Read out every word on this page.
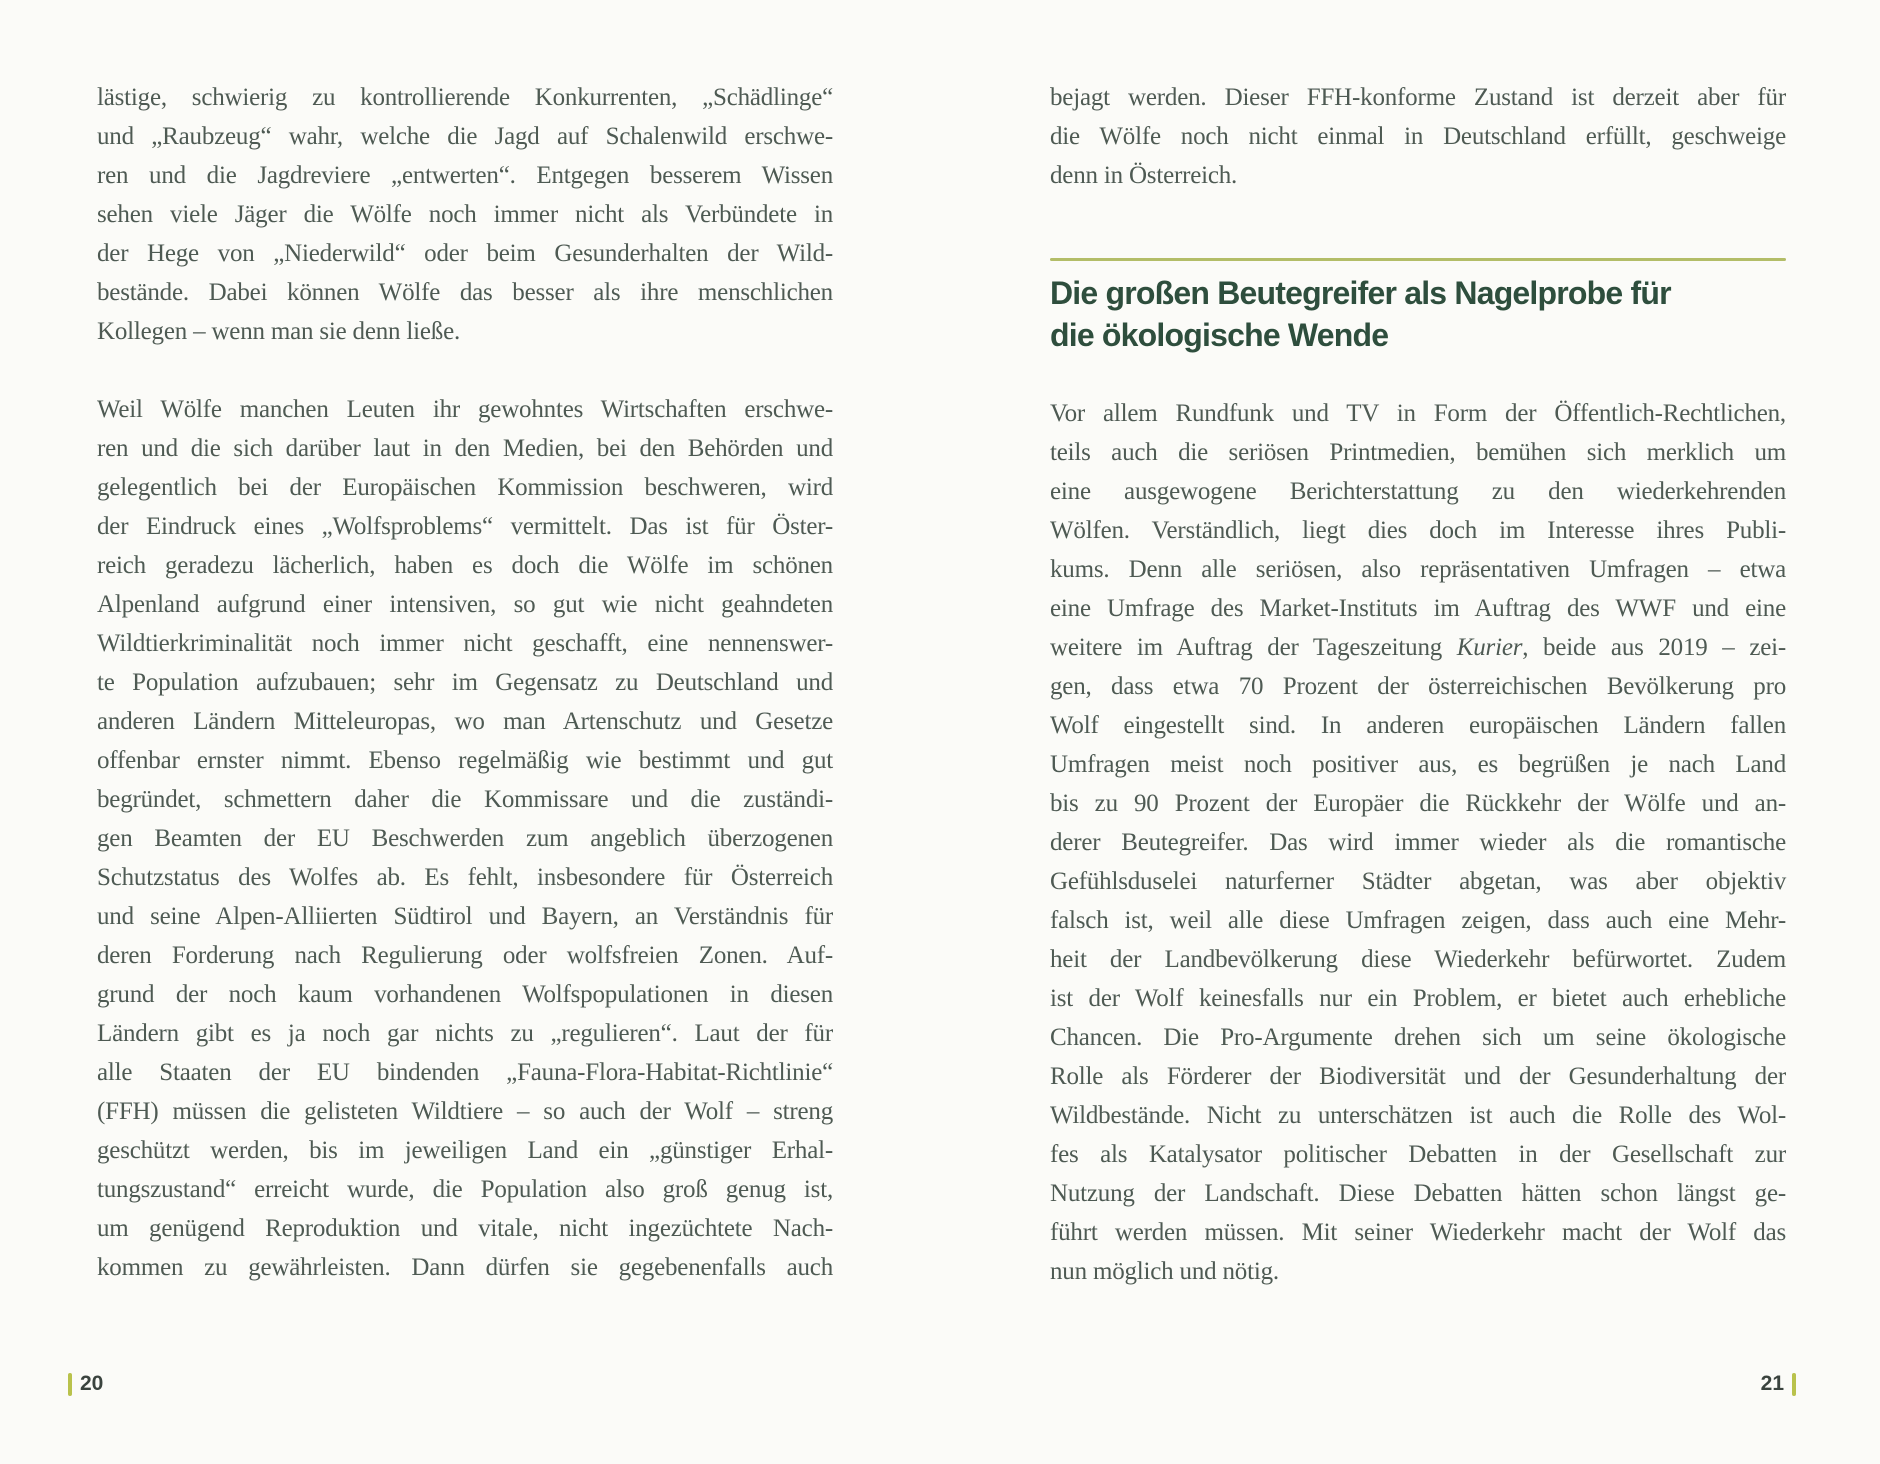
lästige, schwierig zu kontrollierende Konkurrenten, „Schädlinge“
und „Raubzeug“ wahr, welche die Jagd auf Schalenwild erschwe-
ren und die Jagdreviere „entwerten“. Entgegen besserem Wissen
sehen viele Jäger die Wölfe noch immer nicht als Verbündete in
der Hege von „Niederwild“ oder beim Gesunderhalten der Wild-
bestände. Dabei können Wölfe das besser als ihre menschlichen
Kollegen – wenn man sie denn ließe.
Weil Wölfe manchen Leuten ihr gewohntes Wirtschaften erschwe-
ren und die sich darüber laut in den Medien, bei den Behörden und
gelegentlich bei der Europäischen Kommission beschweren, wird
der Eindruck eines „Wolfsproblems“ vermittelt. Das ist für Öster-
reich geradezu lächerlich, haben es doch die Wölfe im schönen
Alpenland aufgrund einer intensiven, so gut wie nicht geahndeten
Wildtierkriminalität noch immer nicht geschafft, eine nennenswer-
te Population aufzubauen; sehr im Gegensatz zu Deutschland und
anderen Ländern Mitteleuropas, wo man Artenschutz und Gesetze
offenbar ernster nimmt. Ebenso regelmäßig wie bestimmt und gut
begründet, schmettern daher die Kommissare und die zuständi-
gen Beamten der EU Beschwerden zum angeblich überzogenen
Schutzstatus des Wolfes ab. Es fehlt, insbesondere für Österreich
und seine Alpen-Alliierten Südtirol und Bayern, an Verständnis für
deren Forderung nach Regulierung oder wolfsfreien Zonen. Auf-
grund der noch kaum vorhandenen Wolfspopulationen in diesen
Ländern gibt es ja noch gar nichts zu „regulieren“. Laut der für
alle Staaten der EU bindenden „Fauna-Flora-Habitat-Richtlinie“
(FFH) müssen die gelisteten Wildtiere – so auch der Wolf – streng
geschützt werden, bis im jeweiligen Land ein „günstiger Erhal-
tungszustand“ erreicht wurde, die Population also groß genug ist,
um genügend Reproduktion und vitale, nicht ingezüchtete Nach-
kommen zu gewährleisten. Dann dürfen sie gegebenenfalls auch
20
bejagt werden. Dieser FFH-konforme Zustand ist derzeit aber für
die Wölfe noch nicht einmal in Deutschland erfüllt, geschweige
denn in Österreich.
Die großen Beutegreifer als Nagelprobe für
die ökologische Wende
Vor allem Rundfunk und TV in Form der Öffentlich-Rechtlichen,
teils auch die seriösen Printmedien, bemühen sich merklich um
eine ausgewogene Berichterstattung zu den wiederkehrenden
Wölfen. Verständlich, liegt dies doch im Interesse ihres Publi-
kums. Denn alle seriösen, also repräsentativen Umfragen – etwa
eine Umfrage des Market-Instituts im Auftrag des WWF und eine
weitere im Auftrag der Tageszeitung Kurier, beide aus 2019 – zei-
gen, dass etwa 70 Prozent der österreichischen Bevölkerung pro
Wolf eingestellt sind. In anderen europäischen Ländern fallen
Umfragen meist noch positiver aus, es begrüßen je nach Land
bis zu 90 Prozent der Europäer die Rückkehr der Wölfe und an-
derer Beutegreifer. Das wird immer wieder als die romantische
Gefühlsduselei naturferner Städter abgetan, was aber objektiv
falsch ist, weil alle diese Umfragen zeigen, dass auch eine Mehr-
heit der Landbevölkerung diese Wiederkehr befürwortet. Zudem
ist der Wolf keinesfalls nur ein Problem, er bietet auch erhebliche
Chancen. Die Pro-Argumente drehen sich um seine ökologische
Rolle als Förderer der Biodiversität und der Gesunderhaltung der
Wildbestände. Nicht zu unterschätzen ist auch die Rolle des Wol-
fes als Katalysator politischer Debatten in der Gesellschaft zur
Nutzung der Landschaft. Diese Debatten hätten schon längst ge-
führt werden müssen. Mit seiner Wiederkehr macht der Wolf das
nun möglich und nötig.
21
